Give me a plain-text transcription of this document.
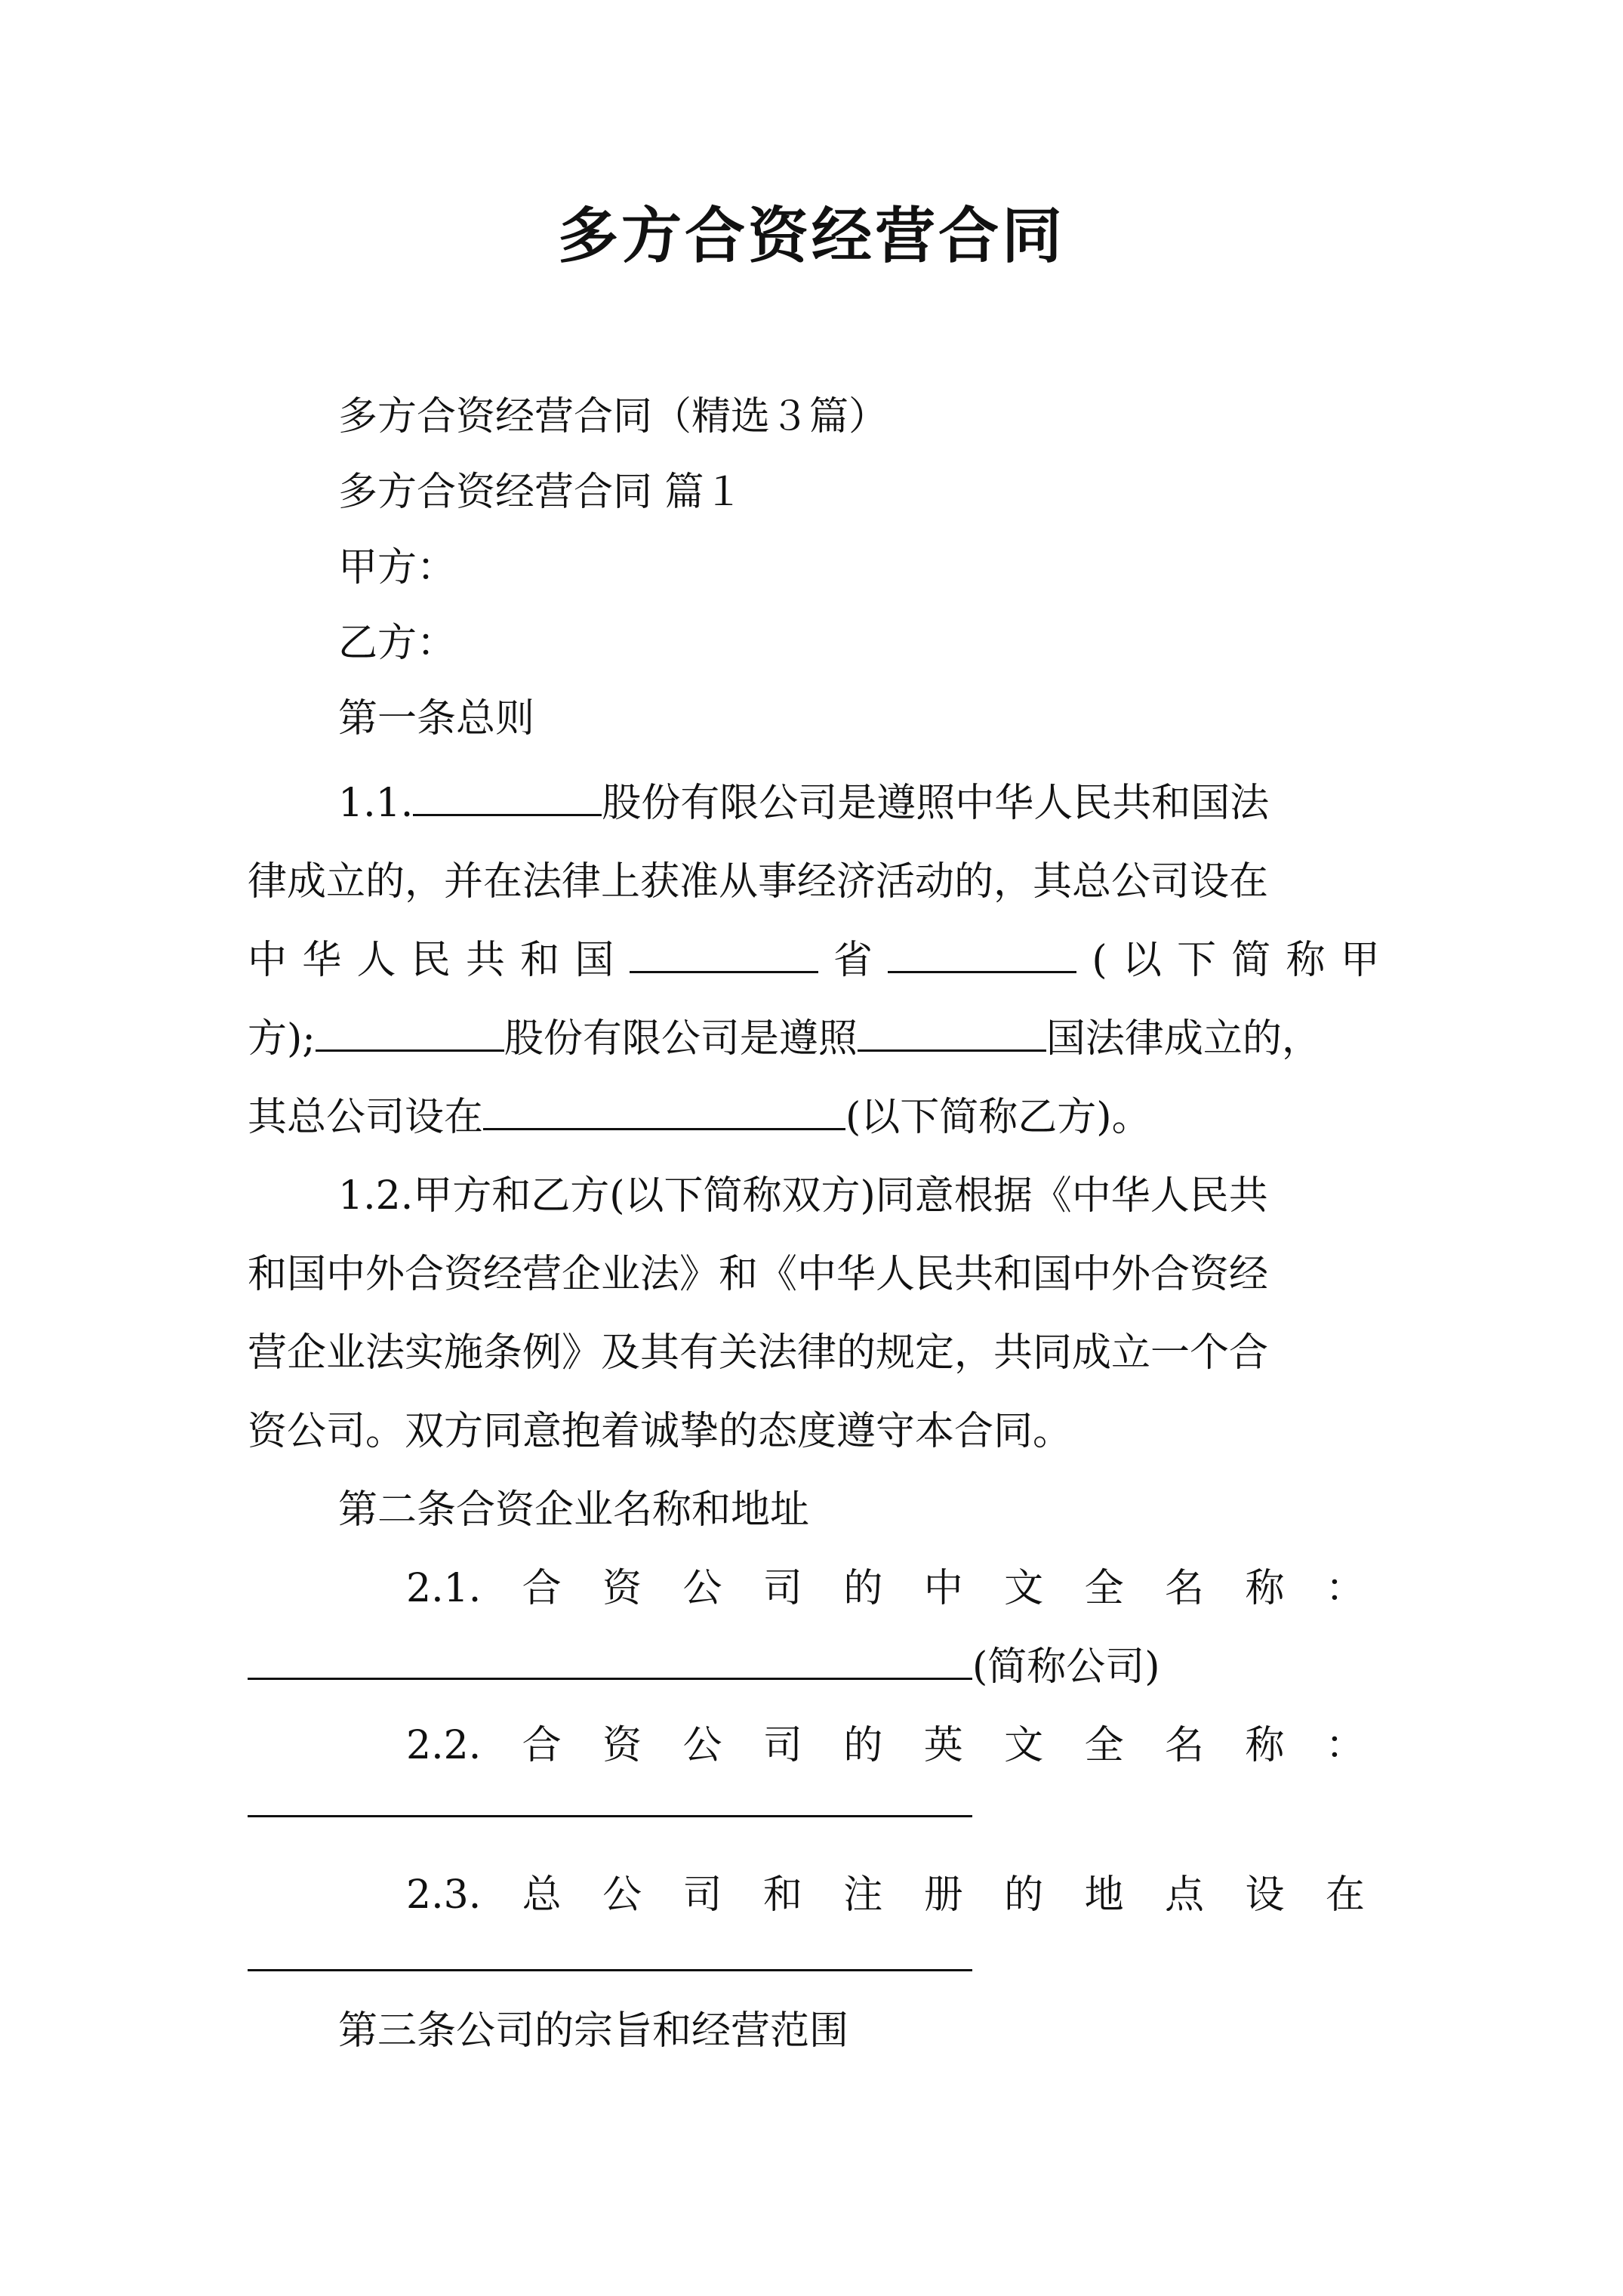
多方合资经营合同
多方合资经营合同（精选３篇）
多方合资经营合同 篇１
甲方：
乙方：
第一条总则
1.1.	股份有限公司是遵照中华人民共和国法
律成立的，并在法律上获准从事经济活动的，其总公司设在
中 华 人 民 共 和 国	省	( 以 下 简 称 甲
方);	股份有限公司是遵照	国法律成立的，
其总公司设在	(以下简称乙方)。
1.2.甲方和乙方(以下简称双方)同意根据《中华人民共
和国中外合资经营企业法》和《中华人民共和国中外合资经
营企业法实施条例》及其有关法律的规定，共同成立一个合
资公司。双方同意抱着诚挚的态度遵守本合同。
第二条合资企业名称和地址
2.1. 合 资 公 司 的 中 文 全 名 称 ：
(简称公司)
2.2. 合 资 公 司 的 英 文 全 名 称 ：
2.3. 总 公 司 和 注 册 的 地 点 设 在
第三条公司的宗旨和经营范围
